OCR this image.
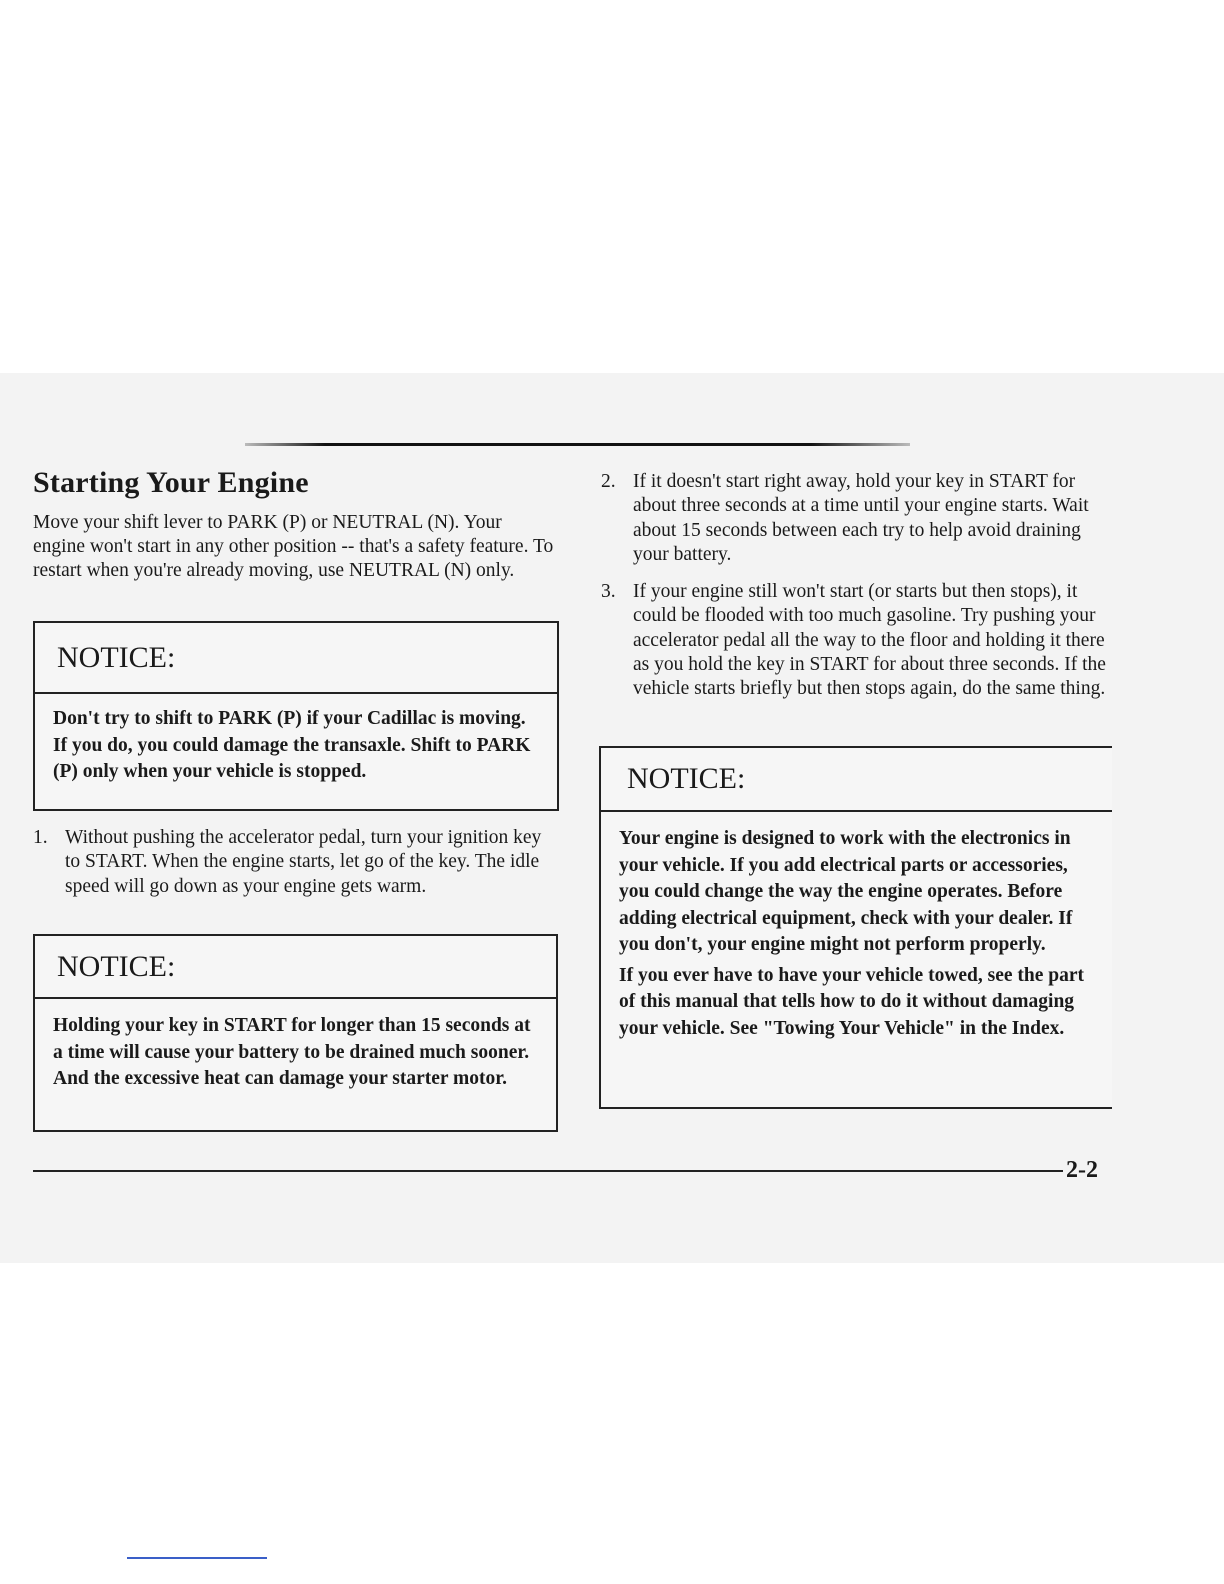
Starting Your Engine

Move your shift lever to PARK (P) or NEUTRAL (N). Your engine won't start in any other position -- that's a safety feature. To restart when you're already moving, use NEUTRAL (N) only.

NOTICE:

Don't try to shift to PARK (P) if your Cadillac is moving. If you do, you could damage the transaxle. Shift to PARK (P) only when your vehicle is stopped.

1. Without pushing the accelerator pedal, turn your ignition key to START. When the engine starts, let go of the key. The idle speed will go down as your engine gets warm.
NOTICE:

Holding your key in START for longer than 15 seconds at a time will cause your battery to be drained much sooner. And the excessive heat can damage your starter motor.

2. If it doesn't start right away, hold your key in START for about three seconds at a time until your engine starts. Wait about 15 seconds between each try to help avoid draining your battery.
3. If your engine still won't start (or starts but then stops), it could be flooded with too much gasoline. Try pushing your accelerator pedal all the way to the floor and holding it there as you hold the key in START for about three seconds. If the vehicle starts briefly but then stops again, do the same thing.
NOTICE:

Your engine is designed to work with the electronics in your vehicle. If you add electrical parts or accessories, you could change the way the engine operates. Before adding electrical equipment, check with your dealer. If you don't, your engine might not perform properly.

If you ever have to have your vehicle towed, see the part of this manual that tells how to do it without damaging your vehicle. See "Towing Your Vehicle" in the Index.

2-2
